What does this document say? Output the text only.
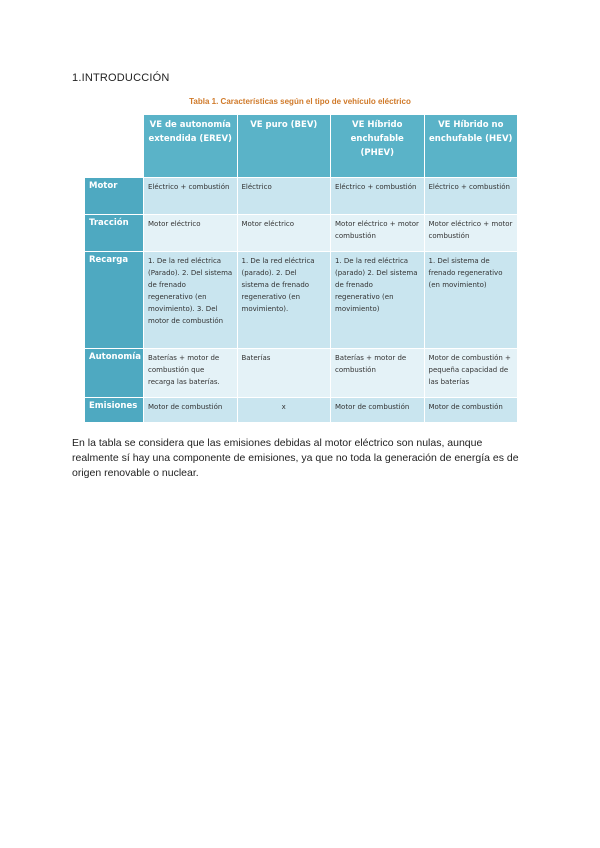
1.INTRODUCCIÓN
Tabla 1. Características según el tipo de vehículo eléctrico
	VE de autonomía extendida (EREV)	VE puro (BEV)	VE Híbrido enchufable (PHEV)	VE Híbrido no enchufable (HEV)
Motor	Eléctrico + combustión	Eléctrico	Eléctrico + combustión	Eléctrico + combustión
Tracción	Motor eléctrico	Motor eléctrico	Motor eléctrico + motor combustión	Motor eléctrico + motor combustión
Recarga	1. De la red eléctrica (Parado). 2. Del sistema de frenado regenerativo (en movimiento). 3. Del motor de combustión	1. De la red eléctrica (parado). 2. Del sistema de frenado regenerativo (en movimiento).	1. De la red eléctrica (parado) 2. Del sistema de frenado regenerativo (en movimiento)	1. Del sistema de frenado regenerativo (en movimiento)
Autonomía	Baterías + motor de combustión que recarga las baterías.	Baterías	Baterías + motor de combustión	Motor de combustión + pequeña capacidad de las baterías
Emisiones	Motor de combustión	x	Motor de combustión	Motor de combustión
En la tabla se considera que las emisiones debidas al motor eléctrico son nulas, aunque realmente sí hay una componente de emisiones, ya que no toda la generación de energía es de origen renovable o nuclear.
